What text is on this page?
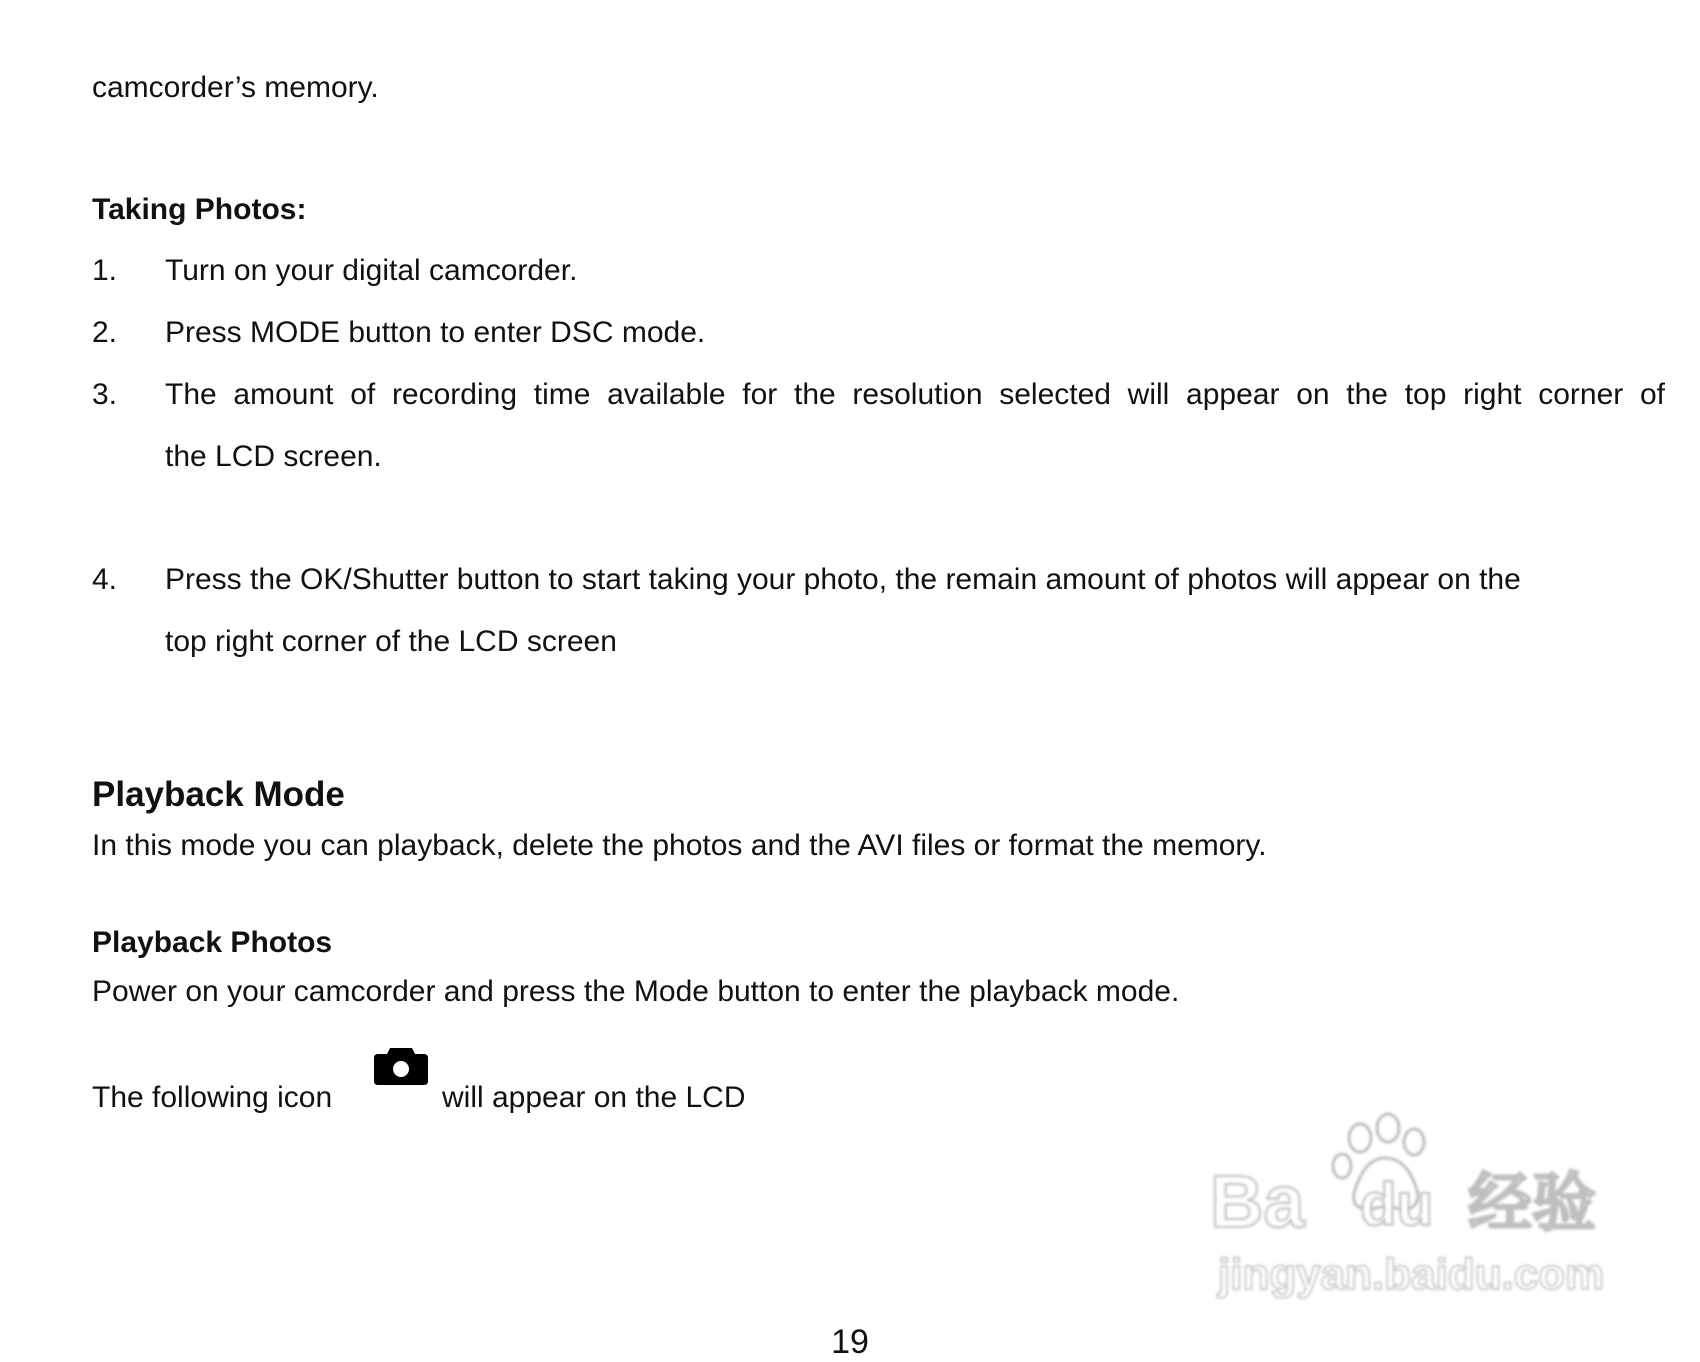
camcorder’s memory.
Taking Photos:
1. Turn on your digital camcorder.
2. Press MODE button to enter DSC mode.
3. The amount of recording time available for the resolution selected will appear on the top right corner of
the LCD screen.
4. Press the OK/Shutter button to start taking your photo, the remain amount of photos will appear on the
top right corner of the LCD screen
Playback Mode
In this mode you can playback, delete the photos and the AVI files or format the memory.
Playback Photos
Power on your camcorder and press the Mode button to enter the playback mode.
The following icon	will appear on the LCD
Ba du 经验
jingyan.baidu.com
19
